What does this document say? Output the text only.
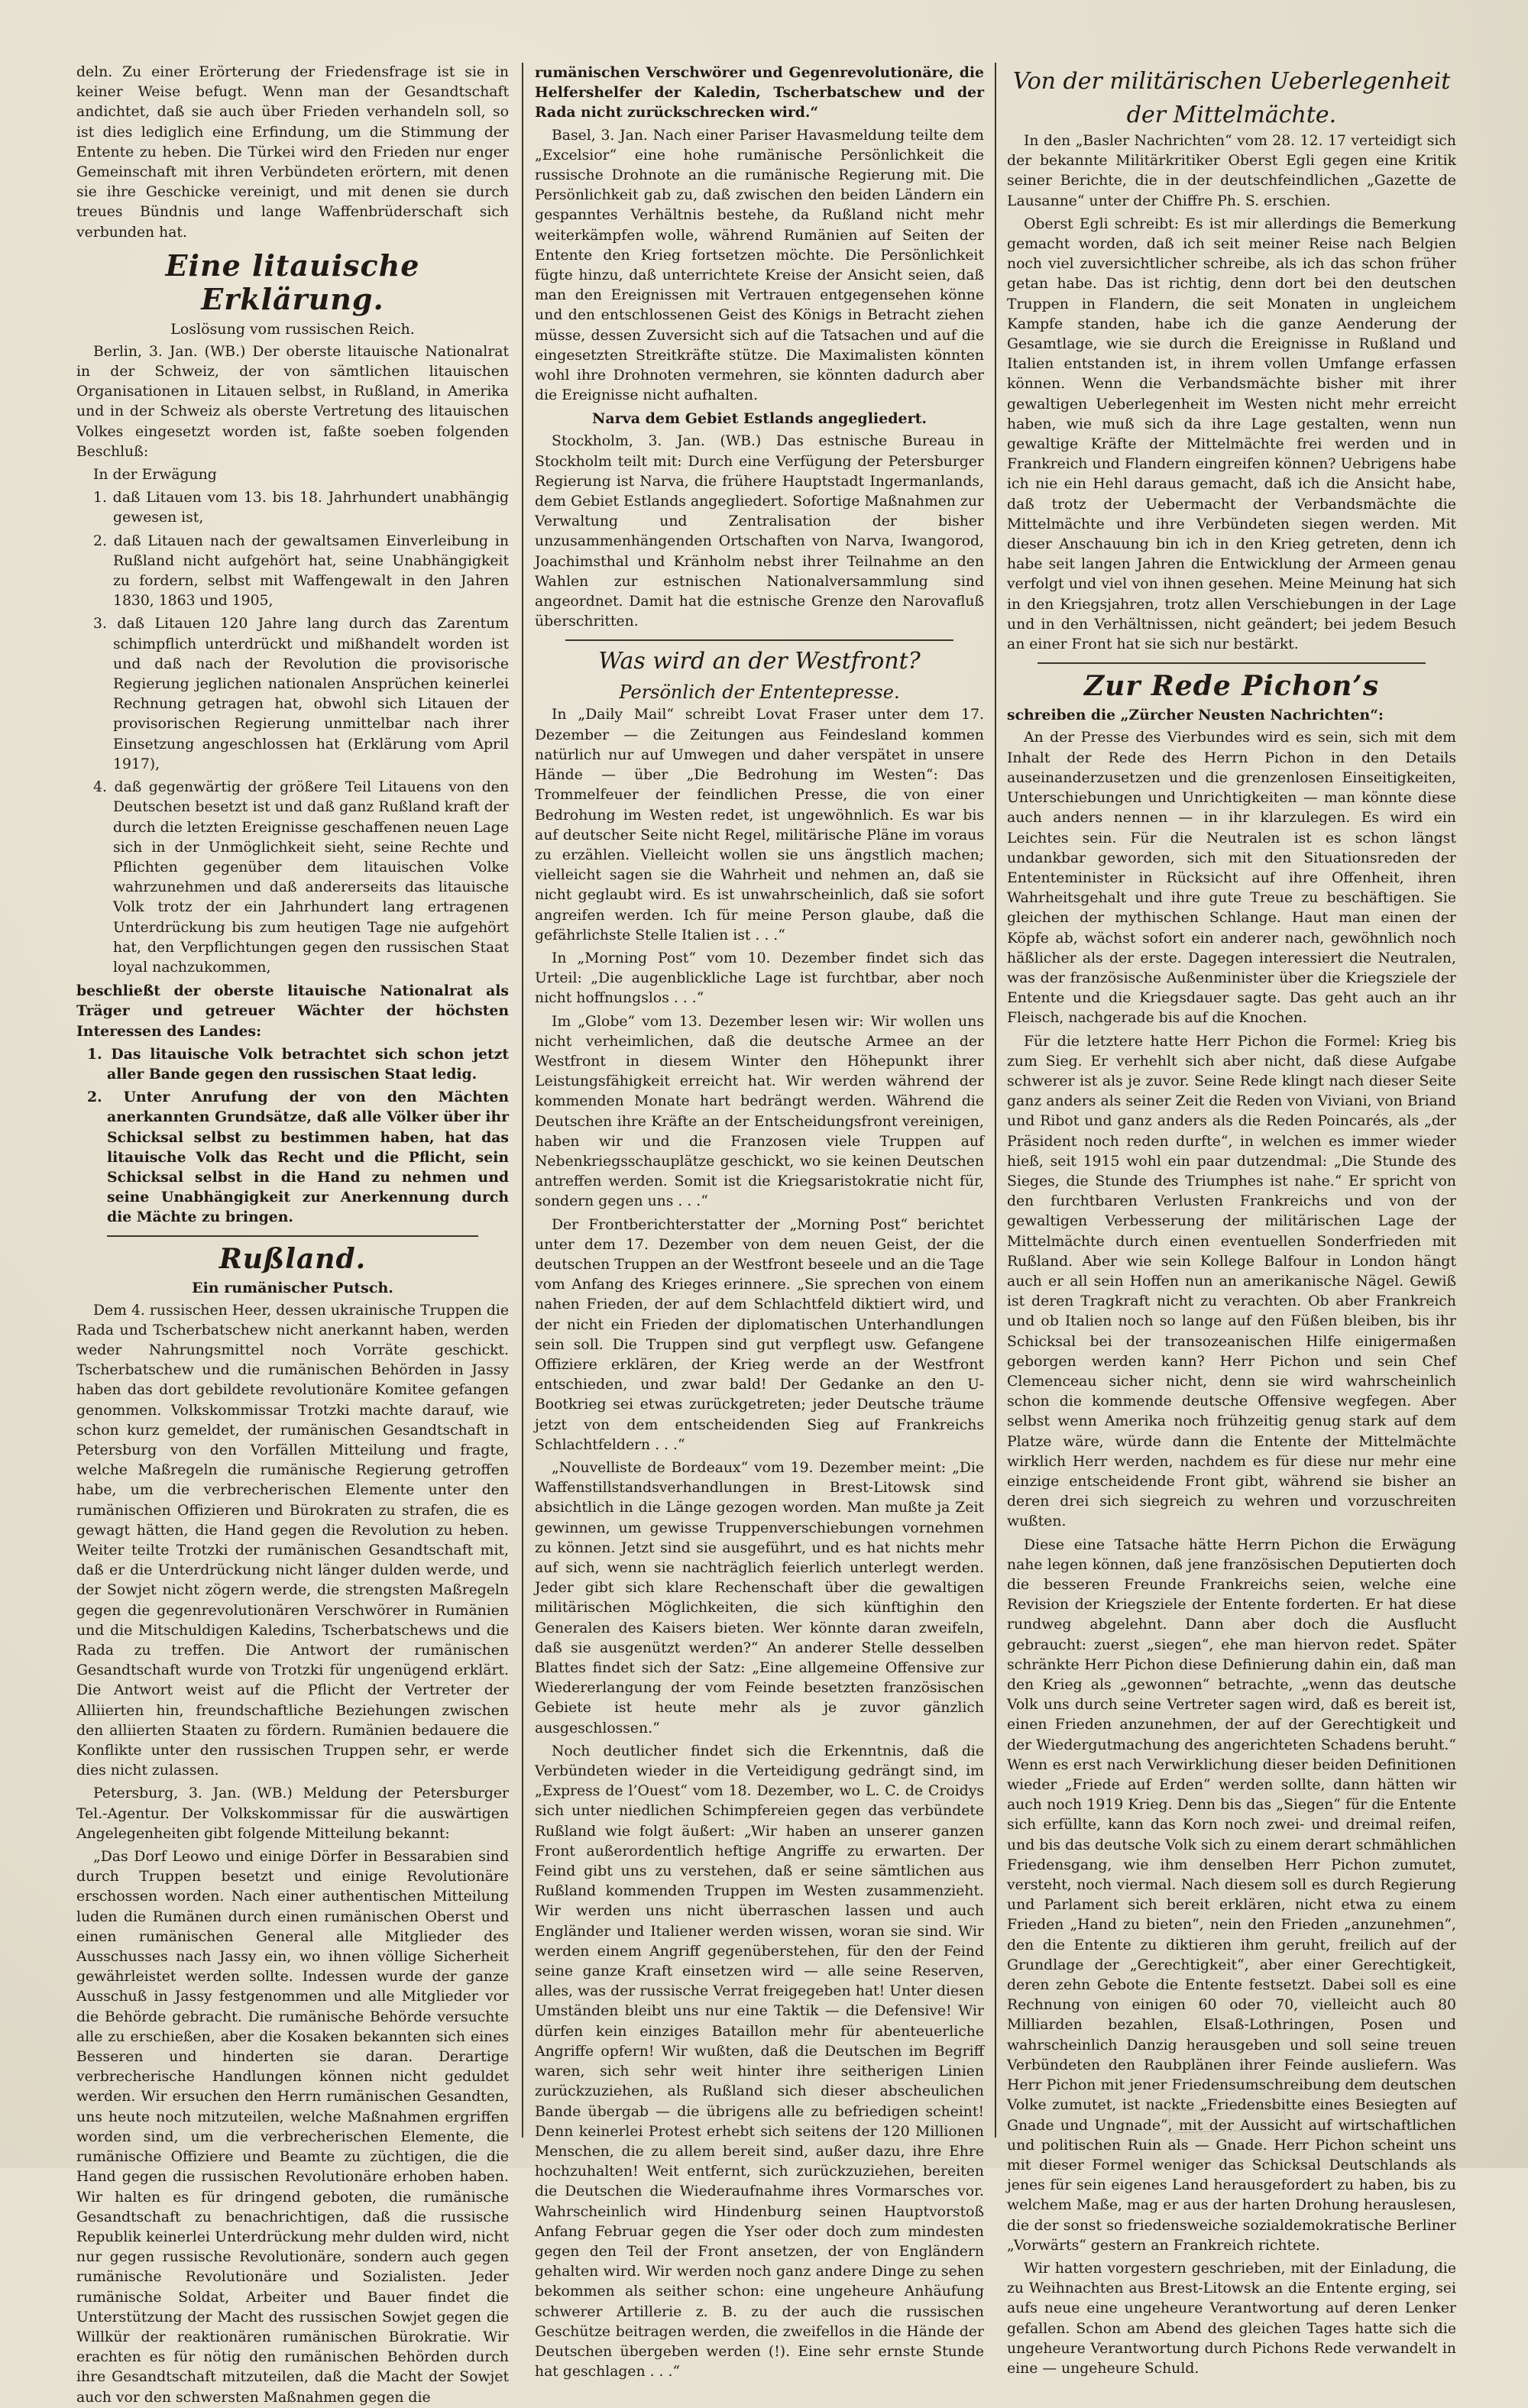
deln. Zu einer Erörterung der Friedensfrage ist sie in keiner Weise befugt. Wenn man der Gesandtschaft andichtet, daß sie auch über Frieden verhandeln soll, so ist dies lediglich eine Erfindung, um die Stimmung der Entente zu heben. Die Türkei wird den Frieden nur enger Gemeinschaft mit ihren Verbündeten erörtern, mit denen sie ihre Geschicke vereinigt, und mit denen sie durch treues Bündnis und lange Waffenbrüderschaft sich verbunden hat.

Eine litauische Erklärung.
Loslösung vom russischen Reich.

Berlin, 3. Jan. (WB.) Der oberste litauische Nationalrat in der Schweiz, der von sämtlichen litauischen Organisationen in Litauen selbst, in Rußland, in Amerika und in der Schweiz als oberste Vertretung des litauischen Volkes eingesetzt worden ist, faßte soeben folgenden Beschluß:

In der Erwägung

1. daß Litauen vom 13. bis 18. Jahrhundert unabhängig gewesen ist,

2. daß Litauen nach der gewaltsamen Einverleibung in Rußland nicht aufgehört hat, seine Unabhängigkeit zu fordern, selbst mit Waffengewalt in den Jahren 1830, 1863 und 1905,

3. daß Litauen 120 Jahre lang durch das Zarentum schimpflich unterdrückt und mißhandelt worden ist und daß nach der Revolution die provisorische Regierung jeglichen nationalen Ansprüchen keinerlei Rechnung getragen hat, obwohl sich Litauen der provisorischen Regierung unmittelbar nach ihrer Einsetzung angeschlossen hat (Erklärung vom April 1917),

4. daß gegenwärtig der größere Teil Litauens von den Deutschen besetzt ist und daß ganz Rußland kraft der durch die letzten Ereignisse geschaffenen neuen Lage sich in der Unmöglichkeit sieht, seine Rechte und Pflichten gegenüber dem litauischen Volke wahrzunehmen und daß andererseits das litauische Volk trotz der ein Jahrhundert lang ertragenen Unterdrückung bis zum heutigen Tage nie aufgehört hat, den Verpflichtungen gegen den russischen Staat loyal nachzukommen,

beschließt der oberste litauische Nationalrat als Träger und getreuer Wächter der höchsten Interessen des Landes:

1. Das litauische Volk betrachtet sich schon jetzt aller Bande gegen den russischen Staat ledig.

2. Unter Anrufung der von den Mächten anerkannten Grundsätze, daß alle Völker über ihr Schicksal selbst zu bestimmen haben, hat das litauische Volk das Recht und die Pflicht, sein Schicksal selbst in die Hand zu nehmen und seine Unabhängigkeit zur Anerkennung durch die Mächte zu bringen.

Rußland.
Ein rumänischer Putsch.

Dem 4. russischen Heer, dessen ukrainische Truppen die Rada und Tscherbatschew nicht anerkannt haben, werden weder Nahrungsmittel noch Vorräte geschickt. Tscherbatschew und die rumänischen Behörden in Jassy haben das dort gebildete revolutionäre Komitee gefangen genommen. Volkskommissar Trotzki machte darauf, wie schon kurz gemeldet, der rumänischen Gesandtschaft in Petersburg von den Vorfällen Mitteilung und fragte, welche Maßregeln die rumänische Regierung getroffen habe, um die verbrecherischen Elemente unter den rumänischen Offizieren und Bürokraten zu strafen, die es gewagt hätten, die Hand gegen die Revolution zu heben. Weiter teilte Trotzki der rumänischen Gesandtschaft mit, daß er die Unterdrückung nicht länger dulden werde, und der Sowjet nicht zögern werde, die strengsten Maßregeln gegen die gegenrevolutionären Verschwörer in Rumänien und die Mitschuldigen Kaledins, Tscherbatschews und die Rada zu treffen. Die Antwort der rumänischen Gesandtschaft wurde von Trotzki für ungenügend erklärt. Die Antwort weist auf die Pflicht der Vertreter der Alliierten hin, freundschaftliche Beziehungen zwischen den alliierten Staaten zu fördern. Rumänien bedauere die Konflikte unter den russischen Truppen sehr, er werde dies nicht zulassen.

Petersburg, 3. Jan. (WB.) Meldung der Petersburger Tel.-Agentur. Der Volkskommissar für die auswärtigen Angelegenheiten gibt folgende Mitteilung bekannt:

„Das Dorf Leowo und einige Dörfer in Bessarabien sind durch Truppen besetzt und einige Revolutionäre erschossen worden. Nach einer authentischen Mitteilung luden die Rumänen durch einen rumänischen Oberst und einen rumänischen General alle Mitglieder des Ausschusses nach Jassy ein, wo ihnen völlige Sicherheit gewährleistet werden sollte. Indessen wurde der ganze Ausschuß in Jassy festgenommen und alle Mitglieder vor die Behörde gebracht. Die rumänische Behörde versuchte alle zu erschießen, aber die Kosaken bekannten sich eines Besseren und hinderten sie daran. Derartige verbrecherische Handlungen können nicht geduldet werden. Wir ersuchen den Herrn rumänischen Gesandten, uns heute noch mitzuteilen, welche Maßnahmen ergriffen worden sind, um die verbrecherischen Elemente, die rumänische Offiziere und Beamte zu züchtigen, die die Hand gegen die russischen Revolutionäre erhoben haben. Wir halten es für dringend geboten, die rumänische Gesandtschaft zu benachrichtigen, daß die russische Republik keinerlei Unterdrückung mehr dulden wird, nicht nur gegen russische Revolutionäre, sondern auch gegen rumänische Revolutionäre und Sozialisten. Jeder rumänische Soldat, Arbeiter und Bauer findet die Unterstützung der Macht des russischen Sowjet gegen die Willkür der reaktionären rumänischen Bürokratie. Wir erachten es für nötig den rumänischen Behörden durch ihre Gesandtschaft mitzuteilen, daß die Macht der Sowjet auch vor den schwersten Maßnahmen gegen die

rumänischen Verschwörer und Gegenrevolutionäre, die Helfershelfer der Kaledin, Tscherbatschew und der Rada nicht zurückschrecken wird.“

Basel, 3. Jan. Nach einer Pariser Havasmeldung teilte dem „Excelsior“ eine hohe rumänische Persönlichkeit die russische Drohnote an die rumänische Regierung mit. Die Persönlichkeit gab zu, daß zwischen den beiden Ländern ein gespanntes Verhältnis bestehe, da Rußland nicht mehr weiterkämpfen wolle, während Rumänien auf Seiten der Entente den Krieg fortsetzen möchte. Die Persönlichkeit fügte hinzu, daß unterrichtete Kreise der Ansicht seien, daß man den Ereignissen mit Vertrauen entgegensehen könne und den entschlossenen Geist des Königs in Betracht ziehen müsse, dessen Zuversicht sich auf die Tatsachen und auf die eingesetzten Streitkräfte stütze. Die Maximalisten könnten wohl ihre Drohnoten vermehren, sie könnten dadurch aber die Ereignisse nicht aufhalten.

Narva dem Gebiet Estlands angegliedert.

Stockholm, 3. Jan. (WB.) Das estnische Bureau in Stockholm teilt mit: Durch eine Verfügung der Petersburger Regierung ist Narva, die frühere Hauptstadt Ingermanlands, dem Gebiet Estlands angegliedert. Sofortige Maßnahmen zur Verwaltung und Zentralisation der bisher unzusammenhängenden Ortschaften von Narva, Iwangorod, Joachimsthal und Kränholm nebst ihrer Teilnahme an den Wahlen zur estnischen Nationalversammlung sind angeordnet. Damit hat die estnische Grenze den Narovafluß überschritten.

Was wird an der Westfront?
Persönlich der Ententepresse.

In „Daily Mail“ schreibt Lovat Fraser unter dem 17. Dezember — die Zeitungen aus Feindesland kommen natürlich nur auf Umwegen und daher verspätet in unsere Hände — über „Die Bedrohung im Westen“: Das Trommelfeuer der feindlichen Presse, die von einer Bedrohung im Westen redet, ist ungewöhnlich. Es war bis auf deutscher Seite nicht Regel, militärische Pläne im voraus zu erzählen. Vielleicht wollen sie uns ängstlich machen; vielleicht sagen sie die Wahrheit und nehmen an, daß sie nicht geglaubt wird. Es ist unwahrscheinlich, daß sie sofort angreifen werden. Ich für meine Person glaube, daß die gefährlichste Stelle Italien ist . . .“

In „Morning Post“ vom 10. Dezember findet sich das Urteil: „Die augenblickliche Lage ist furchtbar, aber noch nicht hoffnungslos . . .“

Im „Globe“ vom 13. Dezember lesen wir: Wir wollen uns nicht verheimlichen, daß die deutsche Armee an der Westfront in diesem Winter den Höhepunkt ihrer Leistungsfähigkeit erreicht hat. Wir werden während der kommenden Monate hart bedrängt werden. Während die Deutschen ihre Kräfte an der Entscheidungsfront vereinigen, haben wir und die Franzosen viele Truppen auf Nebenkriegsschauplätze geschickt, wo sie keinen Deutschen antreffen werden. Somit ist die Kriegsaristokratie nicht für, sondern gegen uns . . .“

Der Frontberichterstatter der „Morning Post“ berichtet unter dem 17. Dezember von dem neuen Geist, der die deutschen Truppen an der Westfront beseele und an die Tage vom Anfang des Krieges erinnere. „Sie sprechen von einem nahen Frieden, der auf dem Schlachtfeld diktiert wird, und der nicht ein Frieden der diplomatischen Unterhandlungen sein soll. Die Truppen sind gut verpflegt usw. Gefangene Offiziere erklären, der Krieg werde an der Westfront entschieden, und zwar bald! Der Gedanke an den U-Bootkrieg sei etwas zurückgetreten; jeder Deutsche träume jetzt von dem entscheidenden Sieg auf Frankreichs Schlachtfeldern . . .“

„Nouvelliste de Bordeaux“ vom 19. Dezember meint: „Die Waffenstillstandsverhandlungen in Brest-Litowsk sind absichtlich in die Länge gezogen worden. Man mußte ja Zeit gewinnen, um gewisse Truppenverschiebungen vornehmen zu können. Jetzt sind sie ausgeführt, und es hat nichts mehr auf sich, wenn sie nachträglich feierlich unterlegt werden. Jeder gibt sich klare Rechenschaft über die gewaltigen militärischen Möglichkeiten, die sich künftighin den Generalen des Kaisers bieten. Wer könnte daran zweifeln, daß sie ausgenützt werden?“ An anderer Stelle desselben Blattes findet sich der Satz: „Eine allgemeine Offensive zur Wiedererlangung der vom Feinde besetzten französischen Gebiete ist heute mehr als je zuvor gänzlich ausgeschlossen.“

Noch deutlicher findet sich die Erkenntnis, daß die Verbündeten wieder in die Verteidigung gedrängt sind, im „Express de l’Ouest“ vom 18. Dezember, wo L. C. de Croidys sich unter niedlichen Schimpfereien gegen das verbündete Rußland wie folgt äußert: „Wir haben an unserer ganzen Front außerordentlich heftige Angriffe zu erwarten. Der Feind gibt uns zu verstehen, daß er seine sämtlichen aus Rußland kommenden Truppen im Westen zusammenzieht. Wir werden uns nicht überraschen lassen und auch Engländer und Italiener werden wissen, woran sie sind. Wir werden einem Angriff gegenüberstehen, für den der Feind seine ganze Kraft einsetzen wird — alle seine Reserven, alles, was der russische Verrat freigegeben hat! Unter diesen Umständen bleibt uns nur eine Taktik — die Defensive! Wir dürfen kein einziges Bataillon mehr für abenteuerliche Angriffe opfern! Wir wußten, daß die Deutschen im Begriff waren, sich sehr weit hinter ihre seitherigen Linien zurückzuziehen, als Rußland sich dieser abscheulichen Bande übergab — die übrigens alle zu befriedigen scheint! Denn keinerlei Protest erhebt sich seitens der 120 Millionen Menschen, die zu allem bereit sind, außer dazu, ihre Ehre hochzuhalten! Weit entfernt, sich zurückzuziehen, bereiten die Deutschen die Wiederaufnahme ihres Vormarsches vor. Wahrscheinlich wird Hindenburg seinen Hauptvorstoß Anfang Februar gegen die Yser oder doch zum mindesten gegen den Teil der Front ansetzen, der von Engländern gehalten wird. Wir werden noch ganz andere Dinge zu sehen bekommen als seither schon: eine ungeheure Anhäufung schwerer Artillerie z. B. zu der auch die russischen Geschütze beitragen werden, die zweifellos in die Hände der Deutschen übergeben werden (!). Eine sehr ernste Stunde hat geschlagen . . .“

Von der militärischen Ueberlegenheit
der Mittelmächte.

In den „Basler Nachrichten“ vom 28. 12. 17 verteidigt sich der bekannte Militärkritiker Oberst Egli gegen eine Kritik seiner Berichte, die in der deutschfeindlichen „Gazette de Lausanne“ unter der Chiffre Ph. S. erschien.

Oberst Egli schreibt: Es ist mir allerdings die Bemerkung gemacht worden, daß ich seit meiner Reise nach Belgien noch viel zuversichtlicher schreibe, als ich das schon früher getan habe. Das ist richtig, denn dort bei den deutschen Truppen in Flandern, die seit Monaten in ungleichem Kampfe standen, habe ich die ganze Aenderung der Gesamtlage, wie sie durch die Ereignisse in Rußland und Italien entstanden ist, in ihrem vollen Umfange erfassen können. Wenn die Verbandsmächte bisher mit ihrer gewaltigen Ueberlegenheit im Westen nicht mehr erreicht haben, wie muß sich da ihre Lage gestalten, wenn nun gewaltige Kräfte der Mittelmächte frei werden und in Frankreich und Flandern eingreifen können? Uebrigens habe ich nie ein Hehl daraus gemacht, daß ich die Ansicht habe, daß trotz der Uebermacht der Verbandsmächte die Mittelmächte und ihre Verbündeten siegen werden. Mit dieser Anschauung bin ich in den Krieg getreten, denn ich habe seit langen Jahren die Entwicklung der Armeen genau verfolgt und viel von ihnen gesehen. Meine Meinung hat sich in den Kriegsjahren, trotz allen Verschiebungen in der Lage und in den Verhältnissen, nicht geändert; bei jedem Besuch an einer Front hat sie sich nur bestärkt.

Zur Rede Pichon’s

schreiben die „Zürcher Neusten Nachrichten“:

An der Presse des Vierbundes wird es sein, sich mit dem Inhalt der Rede des Herrn Pichon in den Details auseinanderzusetzen und die grenzenlosen Einseitigkeiten, Unterschiebungen und Unrichtigkeiten — man könnte diese auch anders nennen — in ihr klarzulegen. Es wird ein Leichtes sein. Für die Neutralen ist es schon längst undankbar geworden, sich mit den Situationsreden der Ententeminister in Rücksicht auf ihre Offenheit, ihren Wahrheitsgehalt und ihre gute Treue zu beschäftigen. Sie gleichen der mythischen Schlange. Haut man einen der Köpfe ab, wächst sofort ein anderer nach, gewöhnlich noch häßlicher als der erste. Dagegen interessiert die Neutralen, was der französische Außenminister über die Kriegsziele der Entente und die Kriegsdauer sagte. Das geht auch an ihr Fleisch, nachgerade bis auf die Knochen.

Für die letztere hatte Herr Pichon die Formel: Krieg bis zum Sieg. Er verhehlt sich aber nicht, daß diese Aufgabe schwerer ist als je zuvor. Seine Rede klingt nach dieser Seite ganz anders als seiner Zeit die Reden von Viviani, von Briand und Ribot und ganz anders als die Reden Poincarés, als „der Präsident noch reden durfte“, in welchen es immer wieder hieß, seit 1915 wohl ein paar dutzendmal: „Die Stunde des Sieges, die Stunde des Triumphes ist nahe.“ Er spricht von den furchtbaren Verlusten Frankreichs und von der gewaltigen Verbesserung der militärischen Lage der Mittelmächte durch einen eventuellen Sonderfrieden mit Rußland. Aber wie sein Kollege Balfour in London hängt auch er all sein Hoffen nun an amerikanische Nägel. Gewiß ist deren Tragkraft nicht zu verachten. Ob aber Frankreich und ob Italien noch so lange auf den Füßen bleiben, bis ihr Schicksal bei der transozeanischen Hilfe einigermaßen geborgen werden kann? Herr Pichon und sein Chef Clemenceau sicher nicht, denn sie wird wahrscheinlich schon die kommende deutsche Offensive wegfegen. Aber selbst wenn Amerika noch frühzeitig genug stark auf dem Platze wäre, würde dann die Entente der Mittelmächte wirklich Herr werden, nachdem es für diese nur mehr eine einzige entscheidende Front gibt, während sie bisher an deren drei sich siegreich zu wehren und vorzuschreiten wußten.

Diese eine Tatsache hätte Herrn Pichon die Erwägung nahe legen können, daß jene französischen Deputierten doch die besseren Freunde Frankreichs seien, welche eine Revision der Kriegsziele der Entente forderten. Er hat diese rundweg abgelehnt. Dann aber doch die Ausflucht gebraucht: zuerst „siegen“, ehe man hiervon redet. Später schränkte Herr Pichon diese Definierung dahin ein, daß man den Krieg als „gewonnen“ betrachte, „wenn das deutsche Volk uns durch seine Vertreter sagen wird, daß es bereit ist, einen Frieden anzunehmen, der auf der Gerechtigkeit und der Wiedergutmachung des angerichteten Schadens beruht.“ Wenn es erst nach Verwirklichung dieser beiden Definitionen wieder „Friede auf Erden“ werden sollte, dann hätten wir auch noch 1919 Krieg. Denn bis das „Siegen“ für die Entente sich erfüllte, kann das Korn noch zwei- und dreimal reifen, und bis das deutsche Volk sich zu einem derart schmählichen Friedensgang, wie ihm denselben Herr Pichon zumutet, versteht, noch viermal. Nach diesem soll es durch Regierung und Parlament sich bereit erklären, nicht etwa zu einem Frieden „Hand zu bieten“, nein den Frieden „anzunehmen“, den die Entente zu diktieren ihm geruht, freilich auf der Grundlage der „Gerechtigkeit“, aber einer Gerechtigkeit, deren zehn Gebote die Entente festsetzt. Dabei soll es eine Rechnung von einigen 60 oder 70, vielleicht auch 80 Milliarden bezahlen, Elsaß-Lothringen, Posen und wahrscheinlich Danzig herausgeben und soll seine treuen Verbündeten den Raubplänen ihrer Feinde ausliefern. Was Herr Pichon mit jener Friedensumschreibung dem deutschen Volke zumutet, ist nackte „Friedensbitte eines Besiegten auf Gnade und Ungnade“, mit der Aussicht auf wirtschaftlichen und politischen Ruin als — Gnade. Herr Pichon scheint uns mit dieser Formel weniger das Schicksal Deutschlands als jenes für sein eigenes Land herausgefordert zu haben, bis zu welchem Maße, mag er aus der harten Drohung herauslesen, die der sonst so friedensweiche sozialdemokratische Berliner „Vorwärts“ gestern an Frankreich richtete.

Wir hatten vorgestern geschrieben, mit der Einladung, die zu Weihnachten aus Brest-Litowsk an die Entente erging, sei aufs neue eine ungeheure Verantwortung auf deren Lenker gefallen. Schon am Abend des gleichen Tages hatte sich die ungeheure Verantwortung durch Pichons Rede verwandelt in eine — ungeheure Schuld.
